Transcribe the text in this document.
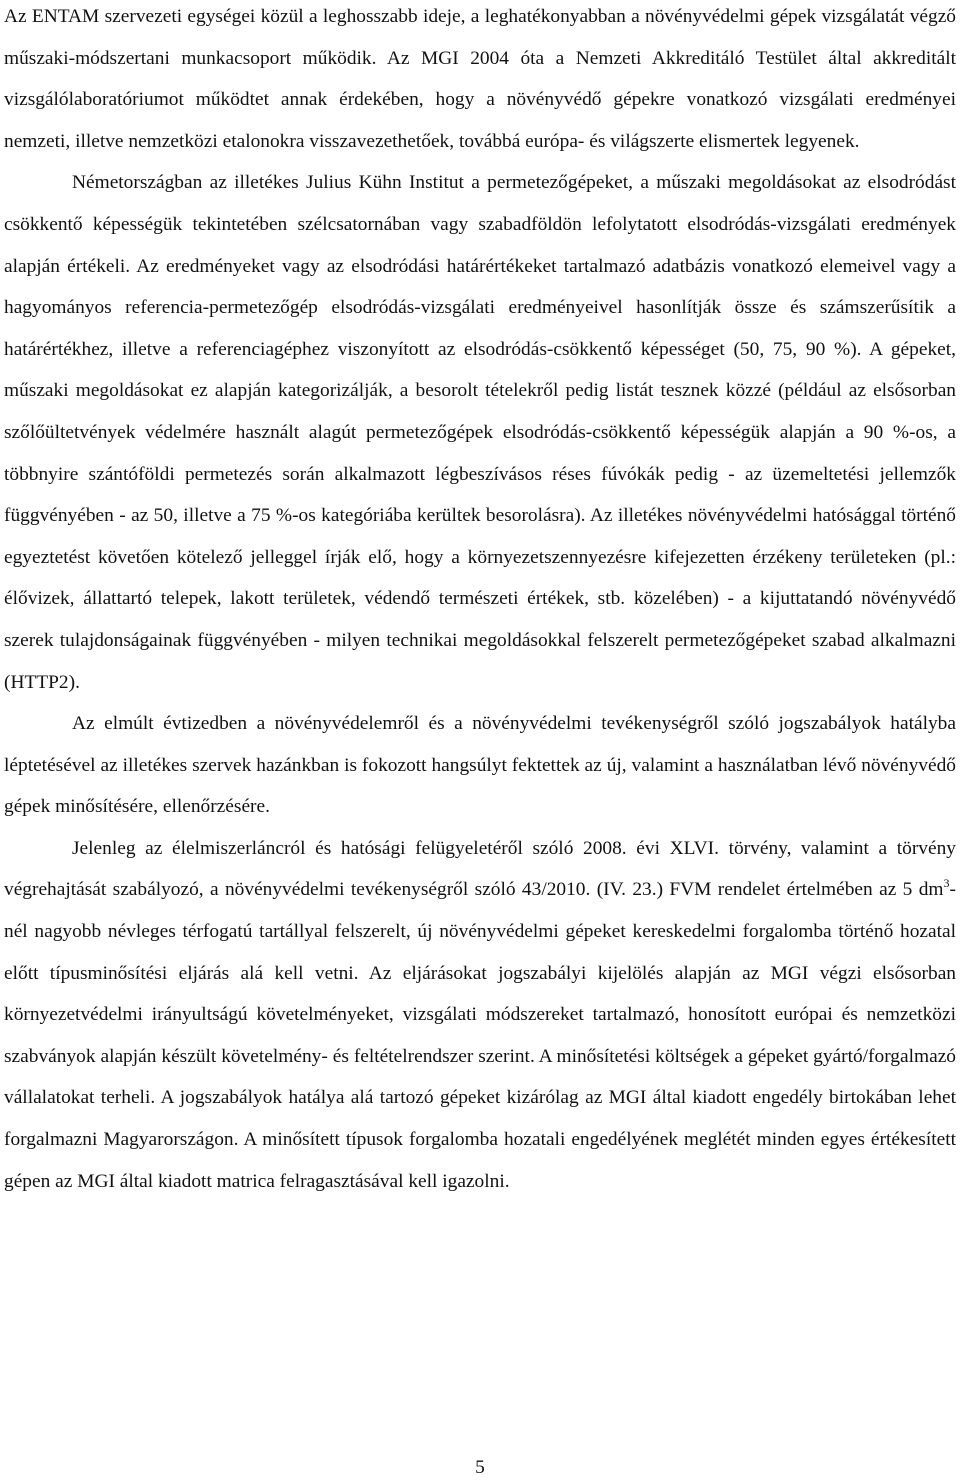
Az ENTAM szervezeti egységei közül a leghosszabb ideje, a leghatékonyabban a növényvédelmi gépek vizsgálatát végző műszaki-módszertani munkacsoport működik. Az MGI 2004 óta a Nemzeti Akkreditáló Testület által akkreditált vizsgálólaboratóriumot működtet annak érdekében, hogy a növényvédő gépekre vonatkozó vizsgálati eredményei nemzeti, illetve nemzetközi etalonokra visszavezethetőek, továbbá európa- és világszerte elismertek legyenek.

Németországban az illetékes Julius Kühn Institut a permetezőgépeket, a műszaki megoldásokat az elsodródást csökkentő képességük tekintetében szélcsatornában vagy szabadföldön lefolytatott elsodródás-vizsgálati eredmények alapján értékeli. Az eredményeket vagy az elsodródási határértékeket tartalmazó adatbázis vonatkozó elemeivel vagy a hagyományos referencia-permetezőgép elsodródás-vizsgálati eredményeivel hasonlítják össze és számszerűsítik a határértékhez, illetve a referenciagéphez viszonyított az elsodródás-csökkentő képességet (50, 75, 90 %). A gépeket, műszaki megoldásokat ez alapján kategorizálják, a besorolt tételekről pedig listát tesznek közzé (például az elsősorban szőlőültetvények védelmére használt alagút permetezőgépek elsodródás-csökkentő képességük alapján a 90 %-os, a többnyire szántóföldi permetezés során alkalmazott légbeszívásos réses fúvókák pedig - az üzemeltetési jellemzők függvényében - az 50, illetve a 75 %-os kategóriába kerültek besorolásra). Az illetékes növényvédelmi hatósággal történő egyeztetést követően kötelező jelleggel írják elő, hogy a környezetszennyezésre kifejezetten érzékeny területeken (pl.: élővizek, állattartó telepek, lakott területek, védendő természeti értékek, stb. közelében) - a kijuttatandó növényvédő szerek tulajdonságainak függvényében - milyen technikai megoldásokkal felszerelt permetezőgépeket szabad alkalmazni (HTTP2).

Az elmúlt évtizedben a növényvédelemről és a növényvédelmi tevékenységről szóló jogszabályok hatályba léptetésével az illetékes szervek hazánkban is fokozott hangsúlyt fektettek az új, valamint a használatban lévő növényvédő gépek minősítésére, ellenőrzésére.

Jelenleg az élelmiszerláncról és hatósági felügyeletéről szóló 2008. évi XLVI. törvény, valamint a törvény végrehajtását szabályozó, a növényvédelmi tevékenységről szóló 43/2010. (IV. 23.) FVM rendelet értelmében az 5 $dm^3$-nél nagyobb névleges térfogatú tartállyal felszerelt, új növényvédelmi gépeket kereskedelmi forgalomba történő hozatal előtt típusminősítési eljárás alá kell vetni. Az eljárásokat jogszabályi kijelölés alapján az MGI végzi elsősorban környezetvédelmi irányultságú követelményeket, vizsgálati módszereket tartalmazó, honosított európai és nemzetközi szabványok alapján készült követelmény- és feltételrendszer szerint. A minősítetési költségek a gépeket gyártó/forgalmazó vállalatokat terheli. A jogszabályok hatálya alá tartozó gépeket kizárólag az MGI által kiadott engedély birtokában lehet forgalmazni Magyarországon. A minősített típusok forgalomba hozatali engedélyének meglétét minden egyes értékesített gépen az MGI által kiadott matrica felragasztásával kell igazolni.

5
